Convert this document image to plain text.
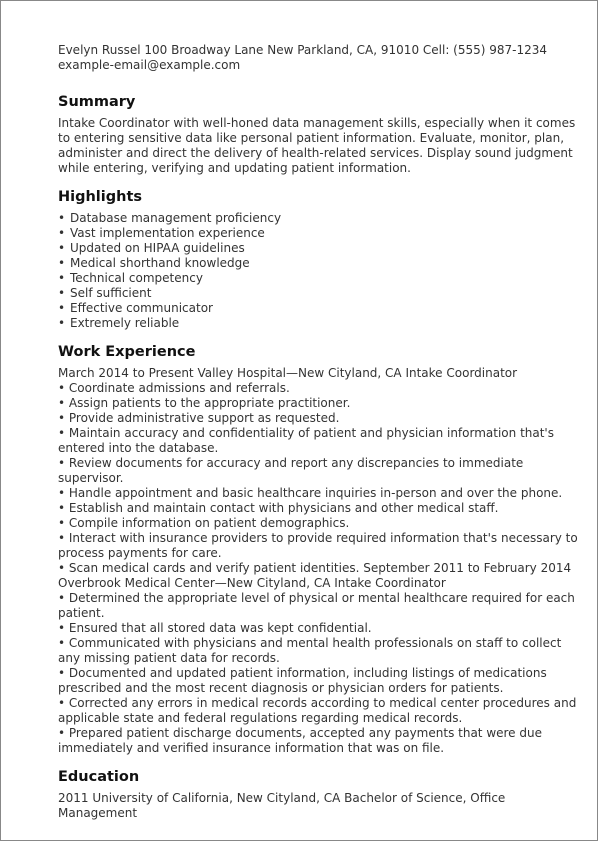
Evelyn Russel 100 Broadway Lane New Parkland, CA, 91010 Cell: (555) 987-1234 example-email@example.com

Summary

Intake Coordinator with well-honed data management skills, especially when it comes to entering sensitive data like personal patient information. Evaluate, monitor, plan, administer and direct the delivery of health-related services. Display sound judgment while entering, verifying and updating patient information.

Highlights
• Database management proficiency
• Vast implementation experience
• Updated on HIPAA guidelines
• Medical shorthand knowledge
• Technical competency
• Self sufficient
• Effective communicator
• Extremely reliable
Work Experience

March 2014 to Present Valley Hospital—New Cityland, CA Intake Coordinator

• Coordinate admissions and referrals.

• Assign patients to the appropriate practitioner.

• Provide administrative support as requested.

• Maintain accuracy and confidentiality of patient and physician information that's entered into the database.

• Review documents for accuracy and report any discrepancies to immediate supervisor.

• Handle appointment and basic healthcare inquiries in-person and over the phone.

• Establish and maintain contact with physicians and other medical staff.

• Compile information on patient demographics.

• Interact with insurance providers to provide required information that's necessary to process payments for care.

• Scan medical cards and verify patient identities. September 2011 to February 2014 Overbrook Medical Center—New Cityland, CA Intake Coordinator

• Determined the appropriate level of physical or mental healthcare required for each patient.

• Ensured that all stored data was kept confidential.

• Communicated with physicians and mental health professionals on staff to collect any missing patient data for records.

• Documented and updated patient information, including listings of medications prescribed and the most recent diagnosis or physician orders for patients.

• Corrected any errors in medical records according to medical center procedures and applicable state and federal regulations regarding medical records.

• Prepared patient discharge documents, accepted any payments that were due immediately and verified insurance information that was on file.

Education

2011 University of California, New Cityland, CA Bachelor of Science, Office Management
